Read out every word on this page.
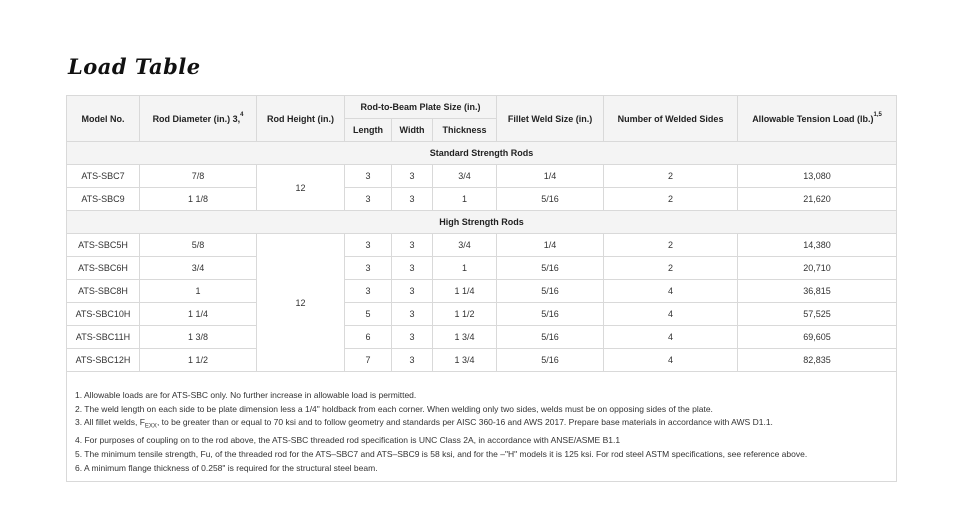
Load Table
Model No.	Rod Diameter (in.) 3,$^4$	Rod Height (in.)	Rod-to-Beam Plate Size (in.)			Fillet Weld Size (in.)	Number of Welded Sides	Allowable Tension Load $(lb.)^{1,5}$
			Length	Width	Thickness			
Standard Strength Rods								
ATS-SBC7	7/8	12	3	3	3/4	1/4	2	13,080
ATS-SBC9	1 1/8		3	3	1	5/16	2	21,620
High Strength Rods								
ATS-SBC5H	5/8	12	3	3	3/4	1/4	2	14,380
ATS-SBC6H	3/4		3	3	1	5/16	2	20,710
ATS-SBC8H	1		3	3	1 1/4	5/16	4	36,815
ATS-SBC10H	1 1/4		5	3	1 1/2	5/16	4	57,525
ATS-SBC11H	1 3/8		6	3	1 3/4	5/16	4	69,605
ATS-SBC12H	1 1/2		7	3	1 3/4	5/16	4	82,835
1. Allowable loads are for ATS-SBC only. No further increase in allowable load is permitted.
2. The weld length on each side to be plate dimension less a 1/4" holdback from each corner. When welding only two sides, welds must be on opposing sides of the plate.
3. All fillet welds, $F_{EXX}$, to be greater than or equal to 70 ksi and to follow geometry and standards per AISC 360-16 and AWS 2017. Prepare base materials in accordance with AWS D1.1.
4. For purposes of coupling on to the rod above, the ATS-SBC threaded rod specification is UNC Class 2A, in accordance with ANSE/ASME B1.1
5. The minimum tensile strength, Fu, of the threaded rod for the ATS–SBC7 and ATS–SBC9 is 58 ksi, and for the –"H" models it is 125 ksi. For rod steel ASTM specifications, see reference above.
6. A minimum flange thickness of 0.258" is required for the structural steel beam.
